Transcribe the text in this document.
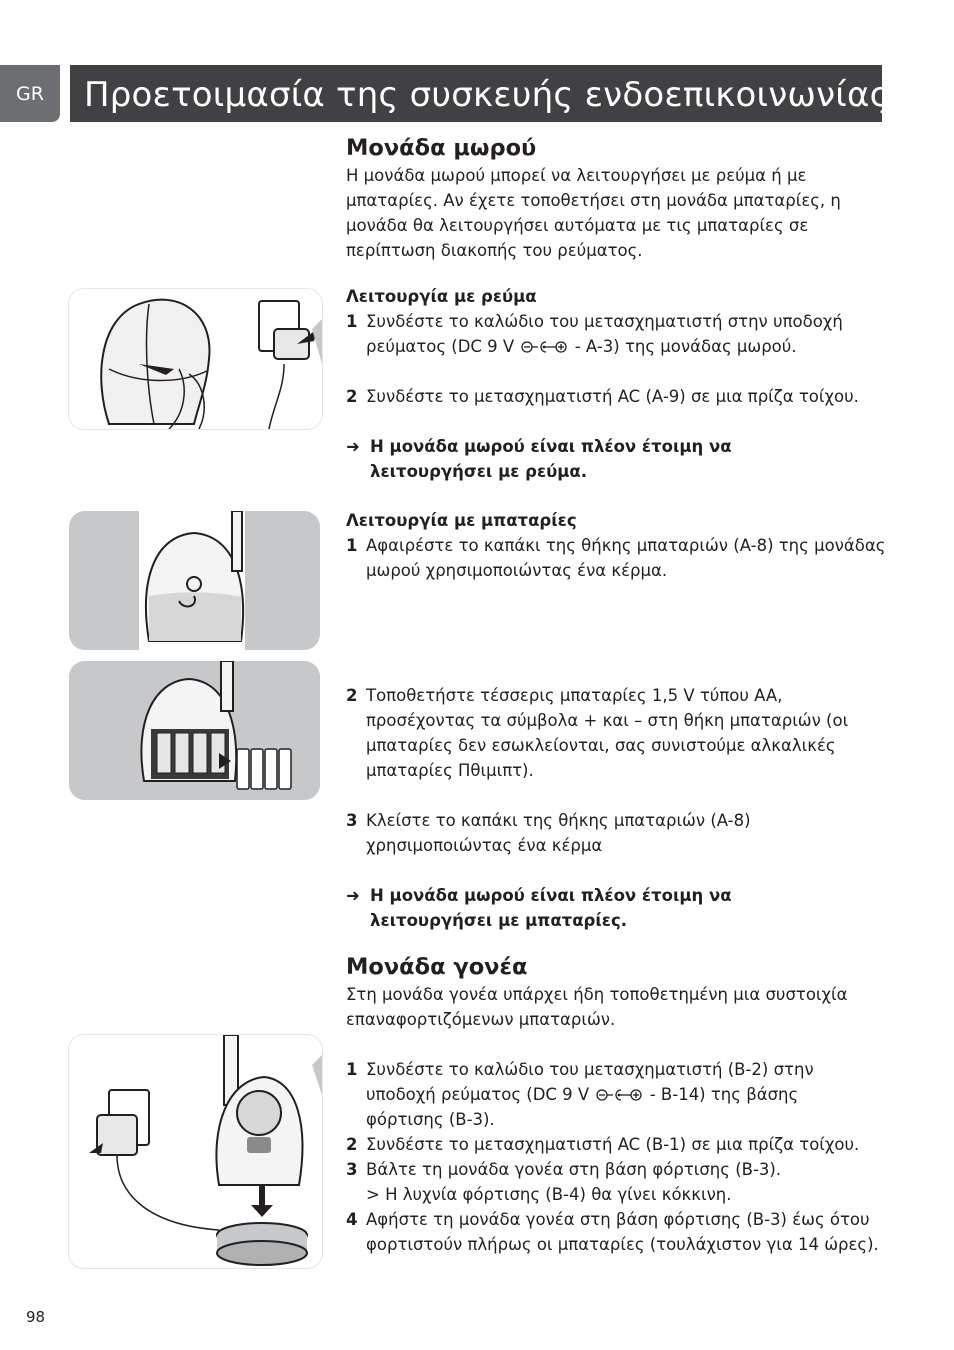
GR	Προετοιμασία της συσκευής ενδοεπικοινωνίας
Μονάδα μωρού

Η μονάδα μωρού μπορεί να λειτουργήσει με ρεύμα ή με μπαταρίες. Αν έχετε τοποθετήσει στη μονάδα μπαταρίες, η μονάδα θα λειτουργήσει αυτόματα με τις μπαταρίες σε περίπτωση διακοπής του ρεύματος.

Λειτουργία με ρεύμα
1 Συνδέστε το καλώδιο του μετασχηματιστή στην υποδοχή ρεύματος (DC 9 V	- A-3) της μονάδας μωρού.
2 Συνδέστε το μετασχηματιστή AC (A-9) σε μια πρίζα τοίχου.
➜ Η μονάδα μωρού είναι πλέον έτοιμη να λειτουργήσει με ρεύμα.
Λειτουργία με μπαταρίες
1 Αφαιρέστε το καπάκι της θήκης μπαταριών (A-8) της μονάδας μωρού χρησιμοποιώντας ένα κέρμα.
2 Τοποθετήστε τέσσερις μπαταρίες 1,5 V τύπου AA, προσέχοντας τα σύμβολα + και – στη θήκη μπαταριών (οι μπαταρίες δεν εσωκλείονται, σας συνιστούμε αλκαλικές μπαταρίες Πθιμιπτ).
3 Κλείστε το καπάκι της θήκης μπαταριών (A-8) χρησιμοποιώντας ένα κέρμα
➜ Η μονάδα μωρού είναι πλέον έτοιμη να λειτουργήσει με μπαταρίες.
Μονάδα γονέα

Στη μονάδα γονέα υπάρχει ήδη τοποθετημένη μια συστοιχία επαναφορτιζόμενων μπαταριών.

1 Συνδέστε το καλώδιο του μετασχηματιστή (B-2) στην υποδοχή ρεύματος (DC 9 V	- B-14) της βάσης φόρτισης (B-3).
2 Συνδέστε το μετασχηματιστή AC (B-1) σε μια πρίζα τοίχου.
3 Βάλτε τη μονάδα γονέα στη βάση φόρτισης (B-3).
> Η λυχνία φόρτισης (B-4) θα γίνει κόκκινη.
4 Αφήστε τη μονάδα γονέα στη βάση φόρτισης (B-3) έως ότου φορτιστούν πλήρως οι μπαταρίες (τουλάχιστον για 14 ώρες).
98
